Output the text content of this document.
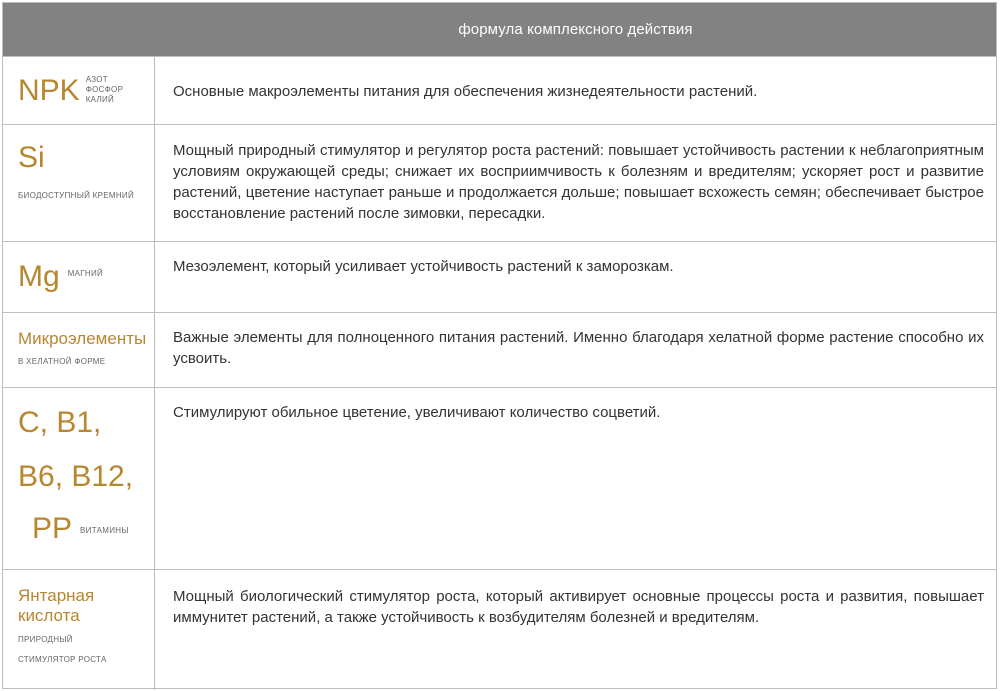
формула комплексного действия
NPK АЗОТ
ФОСФОР
КАЛИЙ	Основные макроэлементы питания для обеспечения жизнедеятельности растений.
Si
БИОДОСТУПНЫЙ КРЕМНИЙ
Мощный природный стимулятор и регулятор роста растений: повышает устойчивость растении к неблагоприятным условиям окружающей среды; снижает их восприимчивость к болезням и вредителям; ускоряет рост и развитие растений, цветение наступает раньше и продолжается дольше; повышает всхожесть семян; обеспечивает быстрое восстановление растений после зимовки, пересадки.
Mg МАГНИЙ	Мезоэлемент, который усиливает устойчивость растений к заморозкам.
Микроэлементы
В ХЕЛАТНОЙ ФОРМЕ
Важные элементы для полноценного питания растений. Именно благодаря хелатной форме растение способно их усвоить.
C, B1,
B6, B12,
PP ВИТАМИНЫ
Стимулируют обильное цветение, увеличивают количество соцветий.
Янтарная
кислота
ПРИРОДНЫЙ
СТИМУЛЯТОР РОСТА
Мощный биологический стимулятор роста, который активирует основные процессы роста и развития, повышает иммунитет растений, а также устойчивость к возбудителям болезней и вредителям.
